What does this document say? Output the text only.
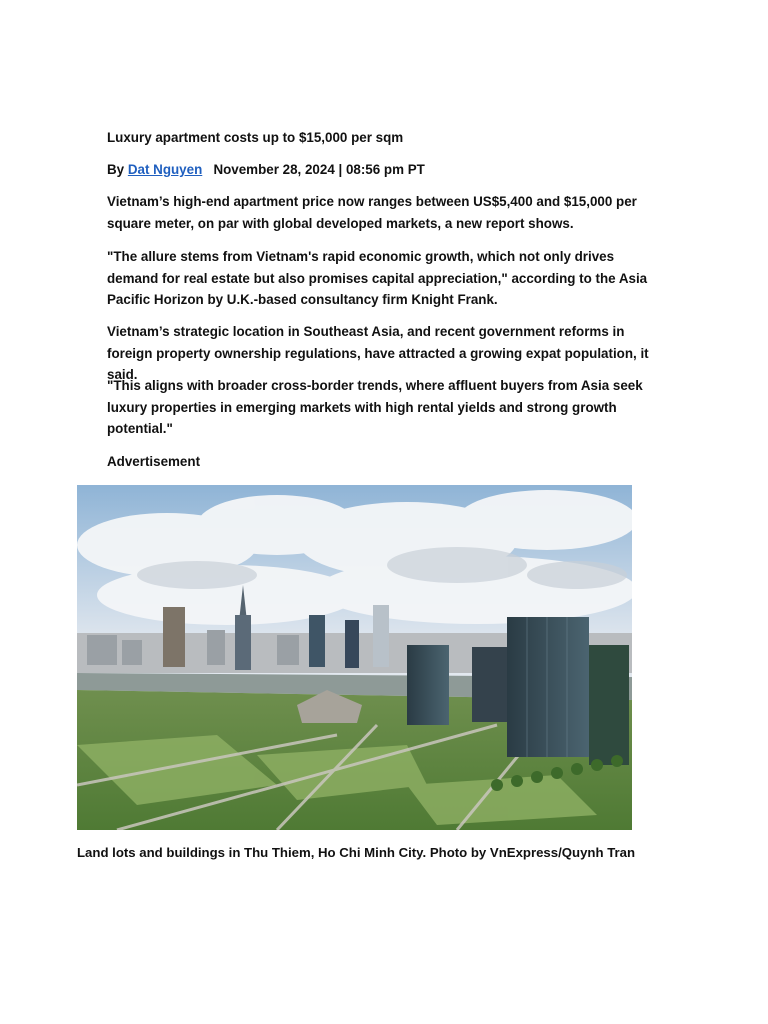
Luxury apartment costs up to $15,000 per sqm

By Dat Nguyen November 28, 2024 | 08:56 pm PT

Vietnam’s high-end apartment price now ranges between US$5,400 and $15,000 per square meter, on par with global developed markets, a new report shows.

"The allure stems from Vietnam's rapid economic growth, which not only drives demand for real estate but also promises capital appreciation," according to the Asia Pacific Horizon by U.K.-based consultancy firm Knight Frank.

Vietnam’s strategic location in Southeast Asia, and recent government reforms in foreign property ownership regulations, have attracted a growing expat population, it said.

"This aligns with broader cross-border trends, where affluent buyers from Asia seek luxury properties in emerging markets with high rental yields and strong growth potential."

Advertisement

Land lots and buildings in Thu Thiem, Ho Chi Minh City. Photo by VnExpress/Quynh Tran
